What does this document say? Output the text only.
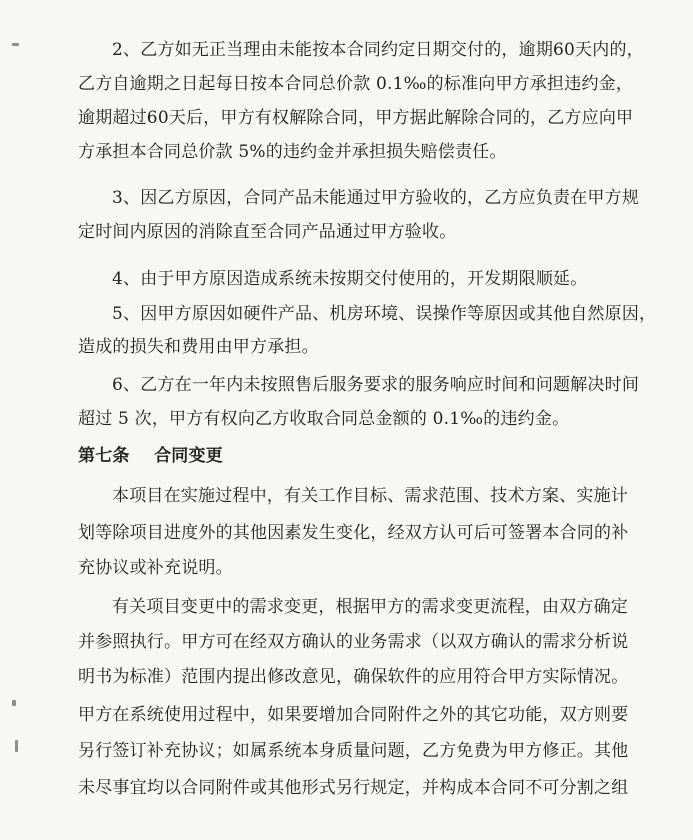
2、乙方如无正当理由未能按本合同约定日期交付的，逾期60天内的，
乙方自逾期之日起每日按本合同总价款 0.1‰的标准向甲方承担违约金，
逾期超过60天后，甲方有权解除合同，甲方据此解除合同的，乙方应向甲
方承担本合同总价款 5%的违约金并承担损失赔偿责任。
3、因乙方原因，合同产品未能通过甲方验收的，乙方应负责在甲方规
定时间内原因的消除直至合同产品通过甲方验收。
4、由于甲方原因造成系统未按期交付使用的，开发期限顺延。
5、因甲方原因如硬件产品、机房环境、误操作等原因或其他自然原因，
造成的损失和费用由甲方承担。
6、乙方在一年内未按照售后服务要求的服务响应时间和问题解决时间
超过 5 次，甲方有权向乙方收取合同总金额的 0.1‰的违约金。
第七条    合同变更
本项目在实施过程中，有关工作目标、需求范围、技术方案、实施计
划等除项目进度外的其他因素发生变化，经双方认可后可签署本合同的补
充协议或补充说明。
有关项目变更中的需求变更，根据甲方的需求变更流程，由双方确定
并参照执行。甲方可在经双方确认的业务需求（以双方确认的需求分析说
明书为标准）范围内提出修改意见，确保软件的应用符合甲方实际情况。
甲方在系统使用过程中，如果要增加合同附件之外的其它功能，双方则要
另行签订补充协议；如属系统本身质量问题，乙方免费为甲方修正。其他
未尽事宜均以合同附件或其他形式另行规定，并构成本合同不可分割之组
